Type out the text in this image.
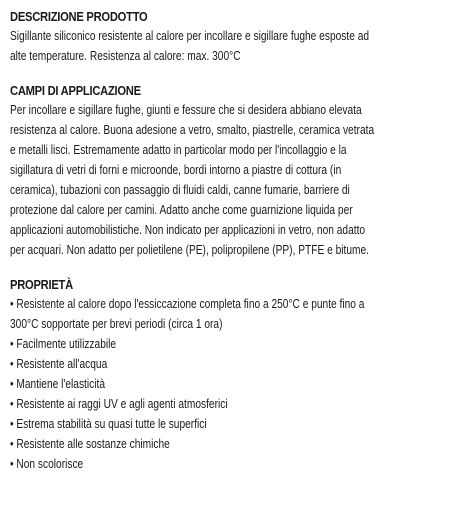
DESCRIZIONE PRODOTTO
Sigillante siliconico resistente al calore per incollare e sigillare fughe esposte ad
alte temperature. Resistenza al calore: max. 300°C
CAMPI DI APPLICAZIONE
Per incollare e sigillare fughe, giunti e fessure che si desidera abbiano elevata
resistenza al calore. Buona adesione a vetro, smalto, piastrelle, ceramica vetrata
e metalli lisci. Estremamente adatto in particolar modo per l'incollaggio e la
sigillatura di vetri di forni e microonde, bordi intorno a piastre di cottura (in
ceramica), tubazioni con passaggio di fluidi caldi, canne fumarie, barriere di
protezione dal calore per camini. Adatto anche come guarnizione liquida per
applicazioni automobilistiche. Non indicato per applicazioni in vetro, non adatto
per acquari. Non adatto per polietilene (PE), polipropilene (PP), PTFE e bitume.
PROPRIETÀ
• Resistente al calore dopo l'essiccazione completa fino a 250°C e punte fino a
300°C sopportate per brevi periodi (circa 1 ora)
• Facilmente utilizzabile
• Resistente all'acqua
• Mantiene l'elasticità
• Resistente ai raggi UV e agli agenti atmosferici
• Estrema stabilità su quasi tutte le superfici
• Resistente alle sostanze chimiche
• Non scolorisce
